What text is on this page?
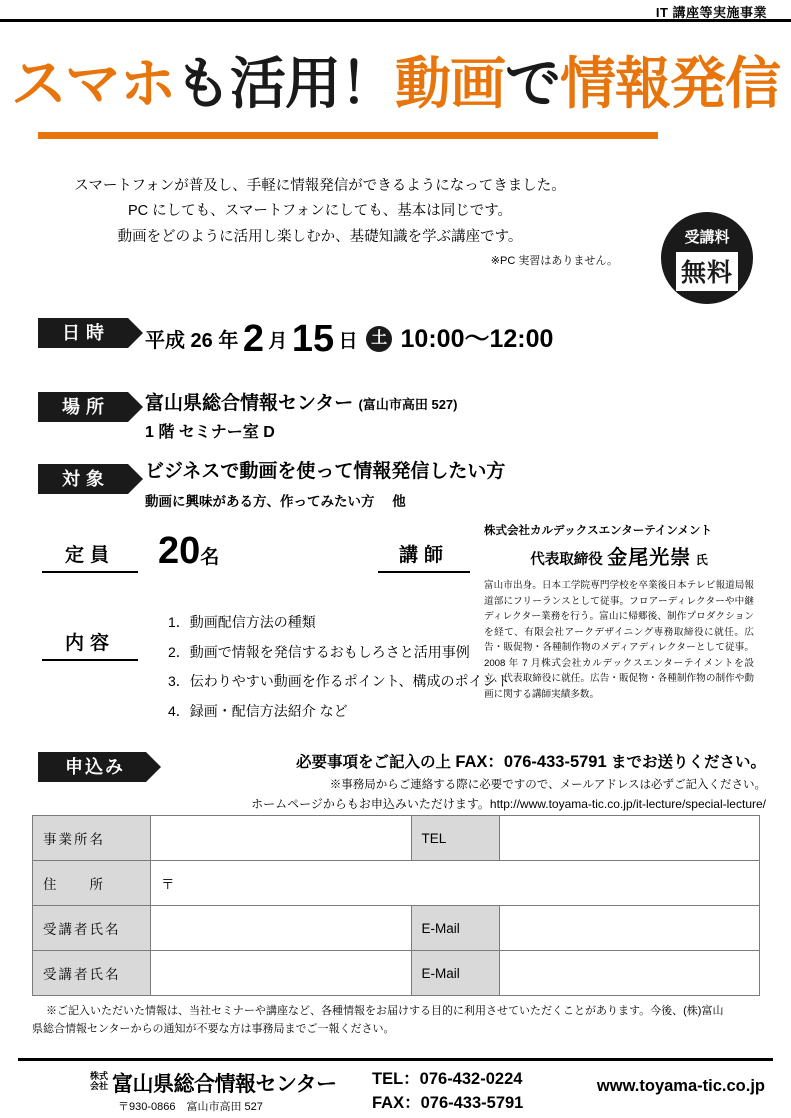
IT 講座等実施事業
スマホも活用！動画で情報発信
スマートフォンが普及し、手軽に情報発信ができるようになってきました。
PC にしても、スマートフォンにしても、基本は同じです。
動画をどのように活用し楽しむか、基礎知識を学ぶ講座です。
※PC 実習はありません。
受講料
無料
日時	平成 26 年 2 月 15 日 土 10:00〜12:00
場所	富山県総合情報センター (富山市高田 527)
1 階 セミナー室 D
対象	ビジネスで動画を使って情報発信したい方
動画に興味がある方、作ってみたい方 他
定員	20名	講師
株式会社カルデックスエンターテインメント
代表取締役 金尾光崇 氏
富山市出身。日本工学院専門学校を卒業後日本テレビ報道局報道部にフリーランスとして従事。フロアーディレクターや中継ディレクター業務を行う。富山に帰郷後、制作プロダクションを経て、有限会社アークデザイニング専務取締役に就任。広告・販促物・各種制作物のメディアディレクターとして従事。2008 年 7 月株式会社カルデックスエンターテイメントを設立、代表取締役に就任。広告・販促物・各種制作物の制作や動画に関する講師実績多数。
内容
1．動画配信方法の種類
2．動画で情報を発信するおもしろさと活用事例
3．伝わりやすい動画を作るポイント、構成のポイント
4．録画・配信方法紹介 など
申込み	必要事項をご記入の上 FAX：076-433-5791 までお送りください。
※事務局からご連絡する際に必要ですので、メールアドレスは必ずご記入ください。
ホームページからもお申込みいただけます。http://www.toyama-tic.co.jp/it-lecture/special-lecture/
事業所名		TEL	
住　　所	〒		
受講者氏名		E-Mail	
受講者氏名		E-Mail	
※ご記入いただいた情報は、当社セミナーや講座など、各種情報をお届けする目的に利用させていただくことがあります。今後、(株)富山
県総合情報センターからの通知が不要な方は事務局までご一報ください。
株式
会社 富山県総合情報センター
〒930-0866　富山市高田 527
TEL：076-432-0224
FAX：076-433-5791
www.toyama-tic.co.jp
